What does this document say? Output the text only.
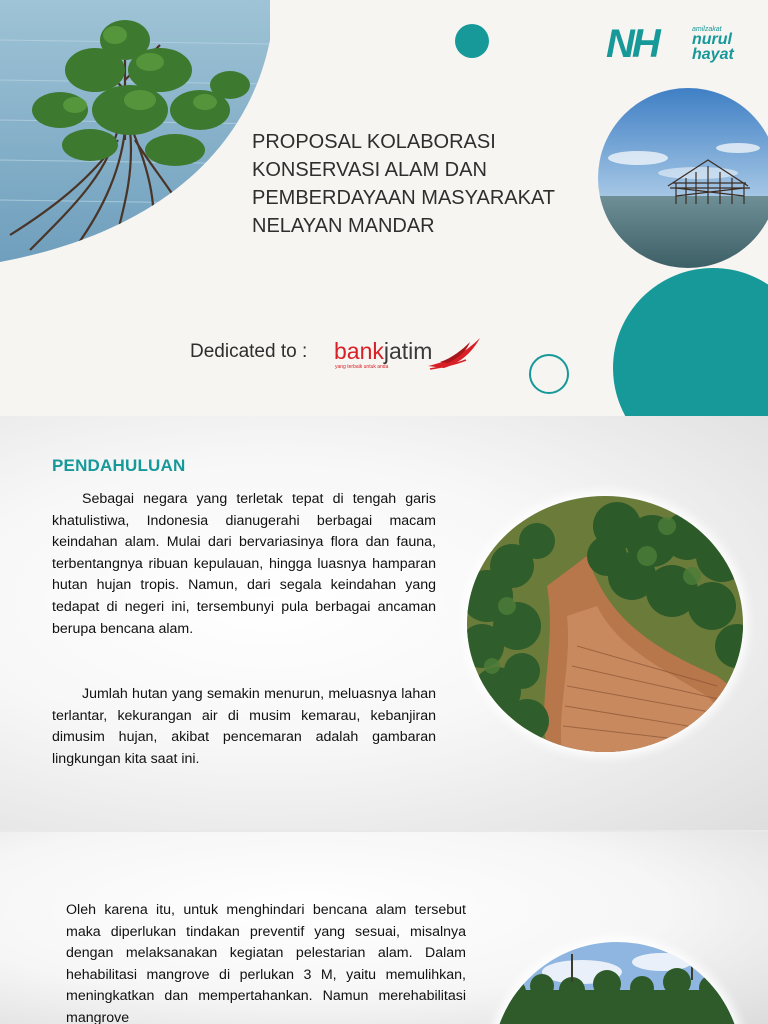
NH	amilzakat
nurul
hayat
PROPOSAL KOLABORASI
KONSERVASI ALAM DAN
PEMBERDAYAAN MASYARAKAT
NELAYAN MANDAR
Dedicated to : bankjatim
yang terbaik untuk anda
PENDAHULUAN

Sebagai negara yang terletak tepat di tengah garis khatulistiwa, Indonesia dianugerahi berbagai macam keindahan alam. Mulai dari bervariasinya flora dan fauna, terbentangnya ribuan kepulauan, hingga luasnya hamparan hutan hujan tropis. Namun, dari segala keindahan yang tedapat di negeri ini, tersembunyi pula berbagai ancaman berupa bencana alam.

Jumlah hutan yang semakin menurun, meluasnya lahan terlantar, kekurangan air di musim kemarau, kebanjiran dimusim hujan, akibat pencemaran adalah gambaran lingkungan kita saat ini.

Oleh karena itu, untuk menghindari bencana alam tersebut maka diperlukan tindakan preventif yang sesuai, misalnya dengan melaksanakan kegiatan pelestarian alam. Dalam hehabilitasi mangrove di perlukan 3 M, yaitu memulihkan, meningkatkan dan mempertahankan. Namun merehabilitasi mangrove
